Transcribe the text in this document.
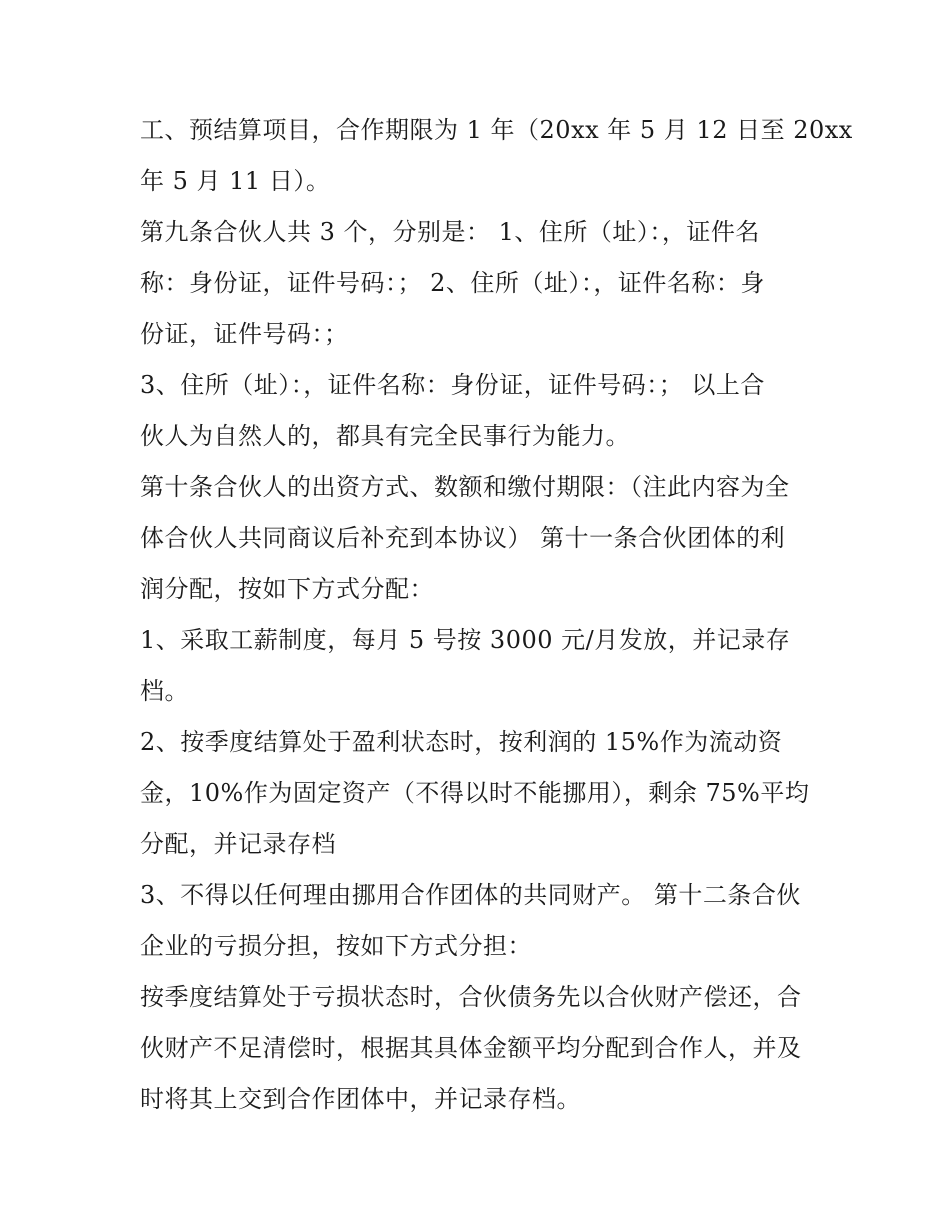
工、预结算项目，合作期限为 1 年（20xx 年 5 月 12 日至 20xx
年 5 月 11 日）。
第九条合伙人共 3 个，分别是： 1、住所（址）：，证件名
称：身份证，证件号码：； 2、住所（址）：，证件名称：身
份证，证件号码：；
3、住所（址）：，证件名称：身份证，证件号码：； 以上合
伙人为自然人的，都具有完全民事行为能力。
第十条合伙人的出资方式、数额和缴付期限：（注此内容为全
体合伙人共同商议后补充到本协议） 第十一条合伙团体的利
润分配，按如下方式分配：
1、采取工薪制度，每月 5 号按 3000 元/月发放，并记录存
档。
2、按季度结算处于盈利状态时，按利润的 15%作为流动资
金，10%作为固定资产（不得以时不能挪用），剩余 75%平均
分配，并记录存档
3、不得以任何理由挪用合作团体的共同财产。 第十二条合伙
企业的亏损分担，按如下方式分担：
按季度结算处于亏损状态时，合伙债务先以合伙财产偿还，合
伙财产不足清偿时，根据其具体金额平均分配到合作人，并及
时将其上交到合作团体中，并记录存档。
